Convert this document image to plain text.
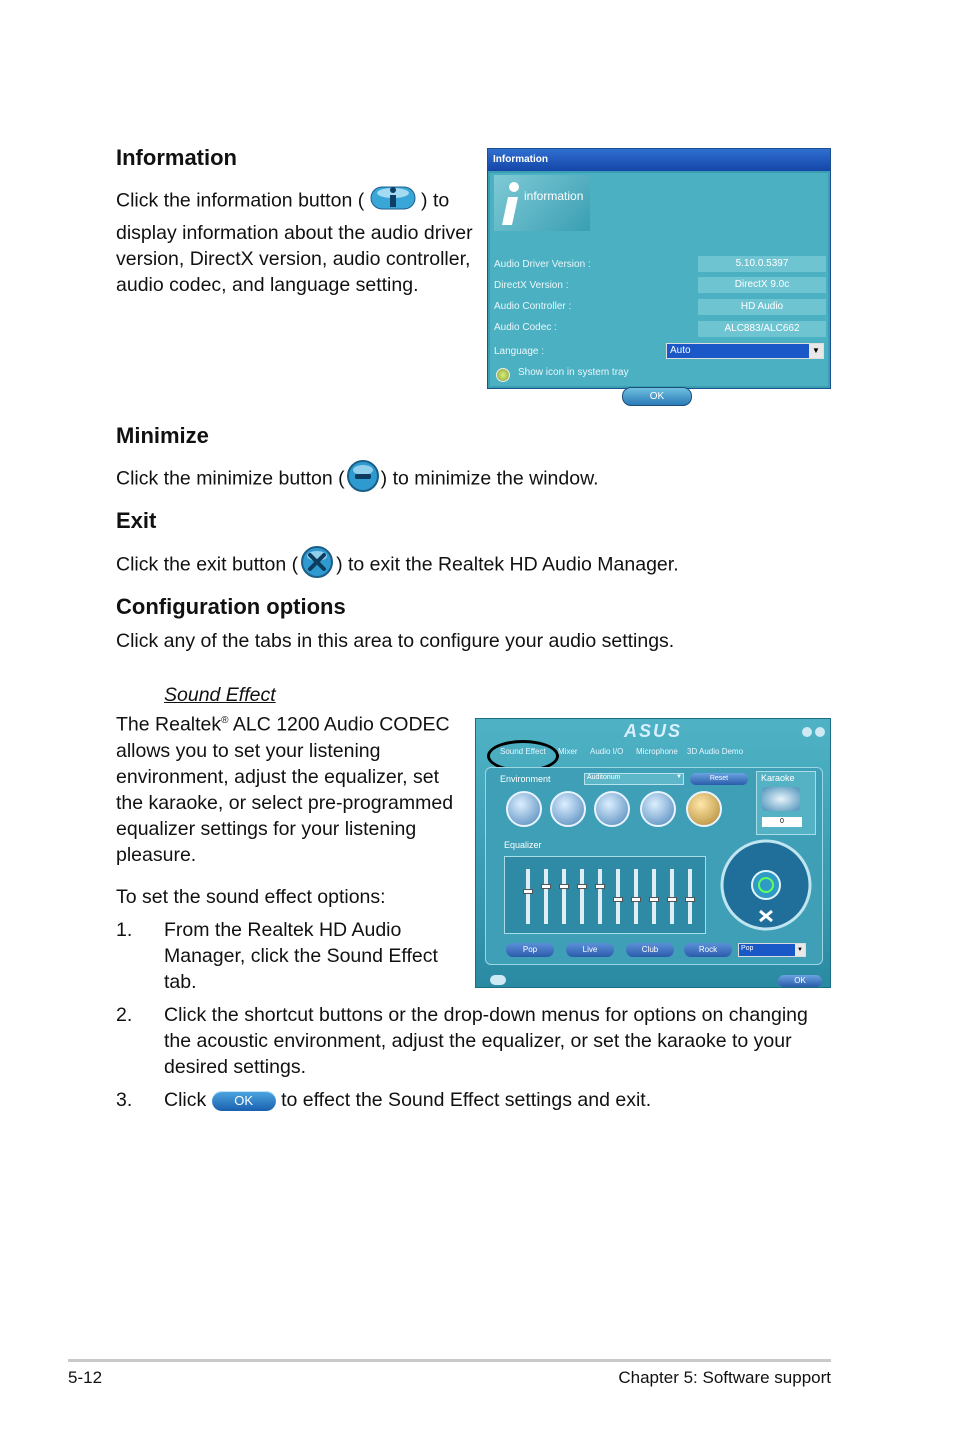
Information
Click the information button (	) to
display information about the audio driver
version, DirectX version, audio controller,
audio codec, and language setting.
Information
information
Audio Driver Version :	5.10.0.5397
DirectX Version :	DirectX 9.0c
Audio Controller :	HD Audio
Audio Codec :	ALC883/ALC662
Language :	Auto	▼
Show icon in system tray
OK
Minimize
Click the minimize button ( ) to minimize the window.
Exit
Click the exit button ( ) to exit the Realtek HD Audio Manager.
Configuration options
Click any of the tabs in this area to configure your audio settings.
Sound Effect
The Realtek® ALC 1200 Audio CODEC
allows you to set your listening
environment, adjust the equalizer, set
the karaoke, or select pre-programmed
equalizer settings for your listening
pleasure.
To set the sound effect options:
1. From the Realtek HD Audio
Manager, click the Sound Effect
tab.
2. Click the shortcut buttons or the drop-down menus for options on changing
the acoustic environment, adjust the equalizer, or set the karaoke to your
desired settings.
3. Click OK to effect the Sound Effect settings and exit.
ASUS
Sound Effect Mixer Audio I/O Microphone 3D Audio Demo
Environment	Auditorium	▼	Reset	Karaoke
0
Equalizer
Pop	Live	Club	Rock	Pop	▼
OK
5-12	Chapter 5: Software support
